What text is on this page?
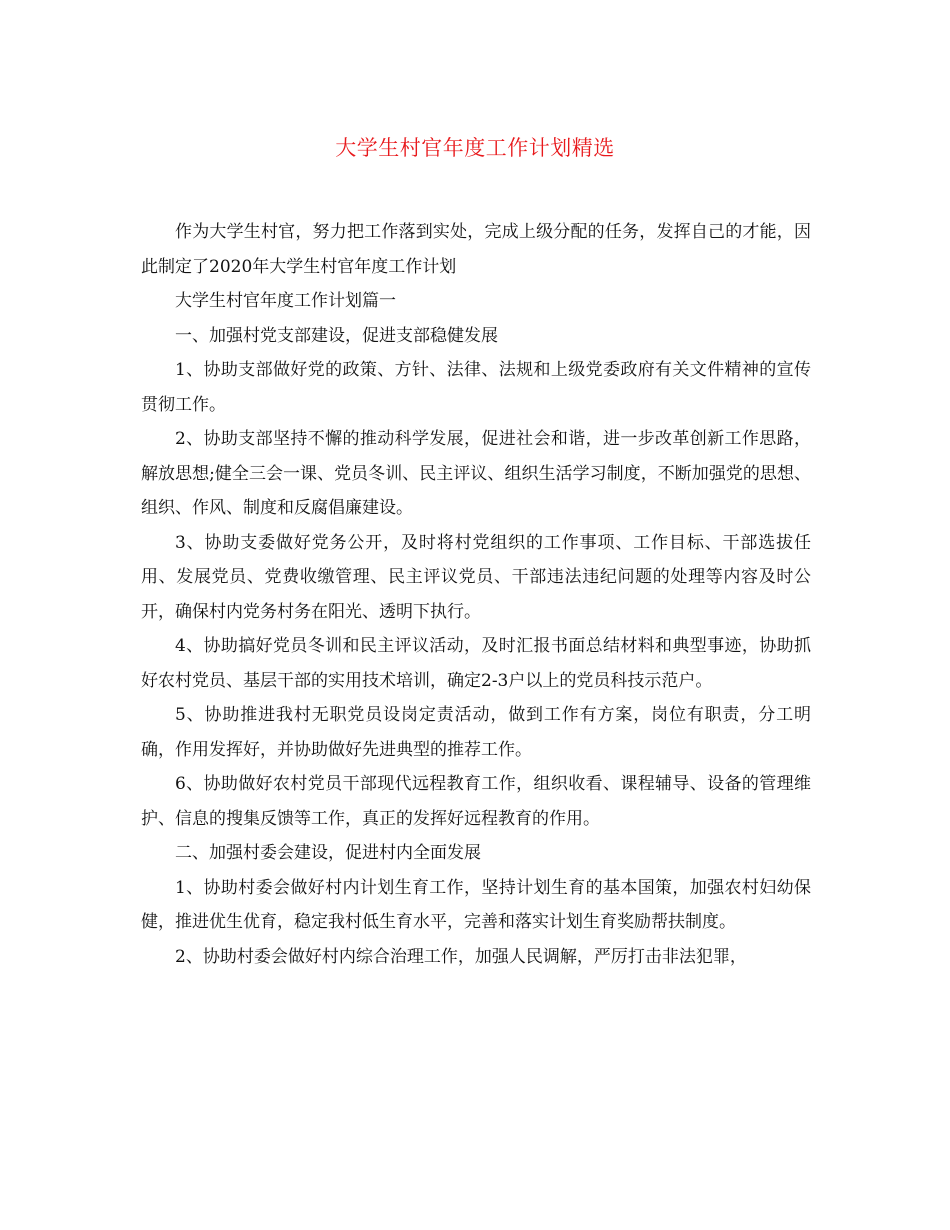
大学生村官年度工作计划精选

作为大学生村官，努力把工作落到实处，完成上级分配的任务，发挥自己的才能，因此制定了2020年大学生村官年度工作计划

大学生村官年度工作计划篇一

一、加强村党支部建设，促进支部稳健发展

1、协助支部做好党的政策、方针、法律、法规和上级党委政府有关文件精神的宣传贯彻工作。

2、协助支部坚持不懈的推动科学发展，促进社会和谐，进一步改革创新工作思路，解放思想;健全三会一课、党员冬训、民主评议、组织生活学习制度，不断加强党的思想、组织、作风、制度和反腐倡廉建设。

3、协助支委做好党务公开，及时将村党组织的工作事项、工作目标、干部选拔任用、发展党员、党费收缴管理、民主评议党员、干部违法违纪问题的处理等内容及时公开，确保村内党务村务在阳光、透明下执行。

4、协助搞好党员冬训和民主评议活动，及时汇报书面总结材料和典型事迹，协助抓好农村党员、基层干部的实用技术培训，确定2-3户以上的党员科技示范户。

5、协助推进我村无职党员设岗定责活动，做到工作有方案，岗位有职责，分工明确，作用发挥好，并协助做好先进典型的推荐工作。

6、协助做好农村党员干部现代远程教育工作，组织收看、课程辅导、设备的管理维护、信息的搜集反馈等工作，真正的发挥好远程教育的作用。

二、加强村委会建设，促进村内全面发展

1、协助村委会做好村内计划生育工作，坚持计划生育的基本国策，加强农村妇幼保健，推进优生优育，稳定我村低生育水平，完善和落实计划生育奖励帮扶制度。

2、协助村委会做好村内综合治理工作，加强人民调解，严厉打击非法犯罪，
